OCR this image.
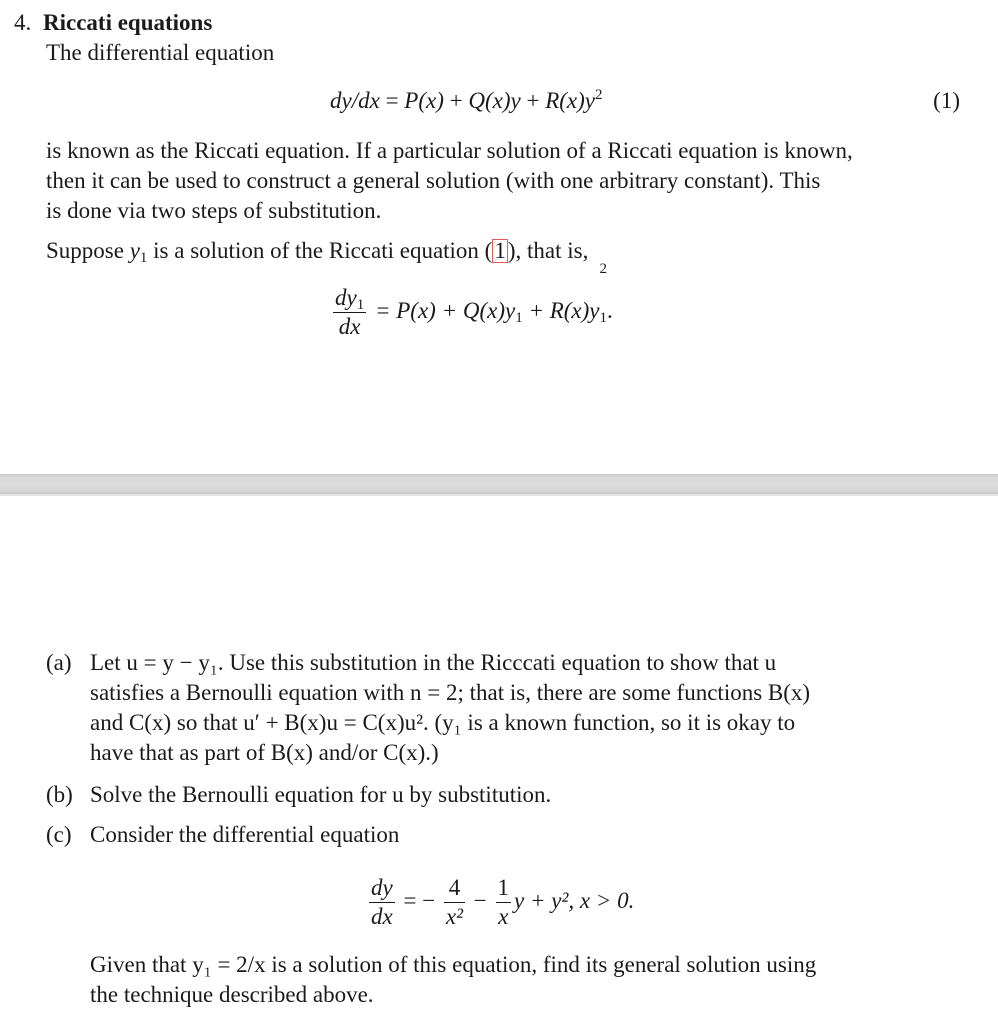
4. Riccati equations
The differential equation
$dy/dx = P(x) + Q(x)y + R(x)y^2$	(1)
is known as the Riccati equation. If a particular solution of a Riccati equation is known,
then it can be used to construct a general solution (with one arbitrary constant). This
is done via two steps of substitution.
Suppose $y_1$ is a solution of the Riccati equation (1), that is,
$\frac{dy_1}{dx} = P(x) + Q(x)y_1 + R(x)y$
2
$_1$.
(a) Let u = y − y₁. Use this substitution in the Ricccati equation to show that u
satisfies a Bernoulli equation with n = 2; that is, there are some functions B(x)
and C(x) so that u′ + B(x)u = C(x)u². (y₁ is a known function, so it is okay to
have that as part of B(x) and/or C(x).)
(b) Solve the Bernoulli equation for u by substitution.
(c) Consider the differential equation
$\frac{dy}{dx}$ = − $\frac{4}{\text{x²}} - \frac{1}{x}$ y + y², x > 0.
Given that y₁ = 2/x is a solution of this equation, find its general solution using
the technique described above.
